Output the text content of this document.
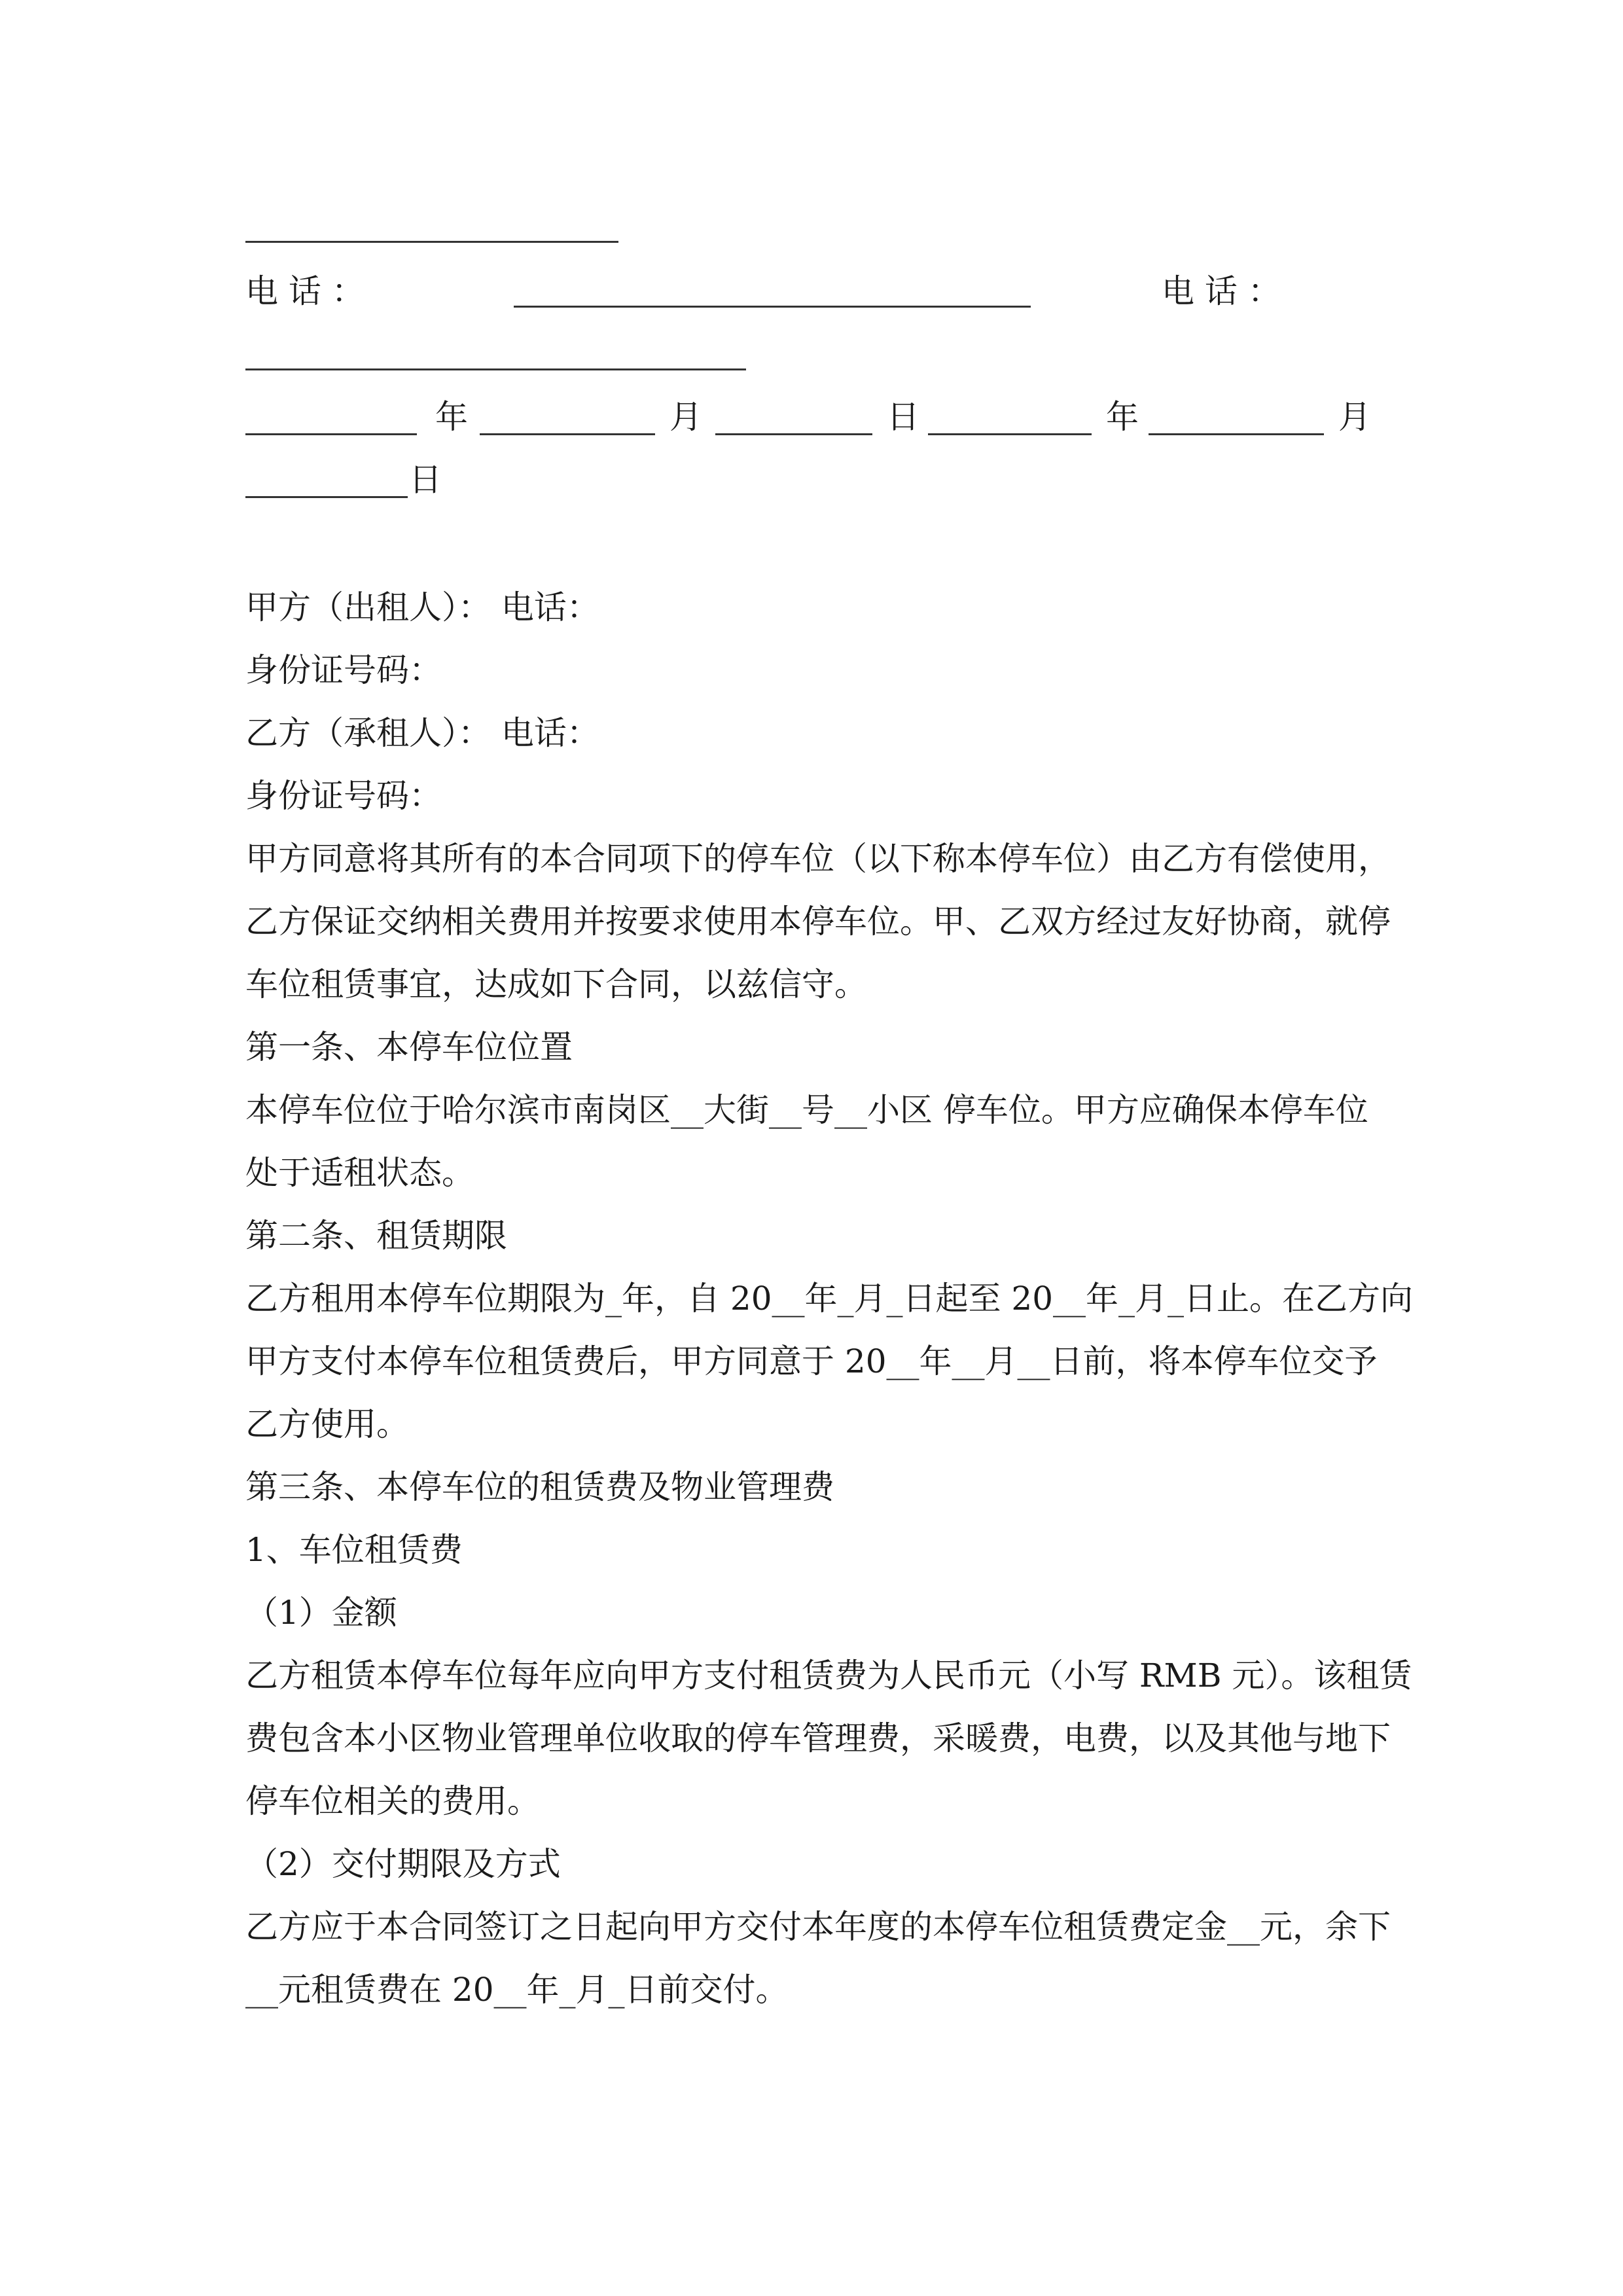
电 话 ：	电 话 ：
年	月	日	年	月
日
甲方（出租人）： 电话：
身份证号码：
乙方（承租人）： 电话：
身份证号码：
甲方同意将其所有的本合同项下的停车位（以下称本停车位）由乙方有偿使用，
乙方保证交纳相关费用并按要求使用本停车位。甲、乙双方经过友好协商，就停
车位租赁事宜，达成如下合同，以兹信守。
第一条、本停车位位置
本停车位位于哈尔滨市南岗区__大街__号__小区 停车位。甲方应确保本停车位
处于适租状态。
第二条、租赁期限
乙方租用本停车位期限为_年，自 20__年_月_日起至 20__年_月_日止。在乙方向
甲方支付本停车位租赁费后，甲方同意于 20__年__月__日前，将本停车位交予
乙方使用。
第三条、本停车位的租赁费及物业管理费
1、车位租赁费
（1）金额
乙方租赁本停车位每年应向甲方支付租赁费为人民币元（小写 RMB 元）。该租赁
费包含本小区物业管理单位收取的停车管理费，采暖费，电费，以及其他与地下
停车位相关的费用。
（2）交付期限及方式
乙方应于本合同签订之日起向甲方交付本年度的本停车位租赁费定金__元，余下
__元租赁费在 20__年_月_日前交付。
